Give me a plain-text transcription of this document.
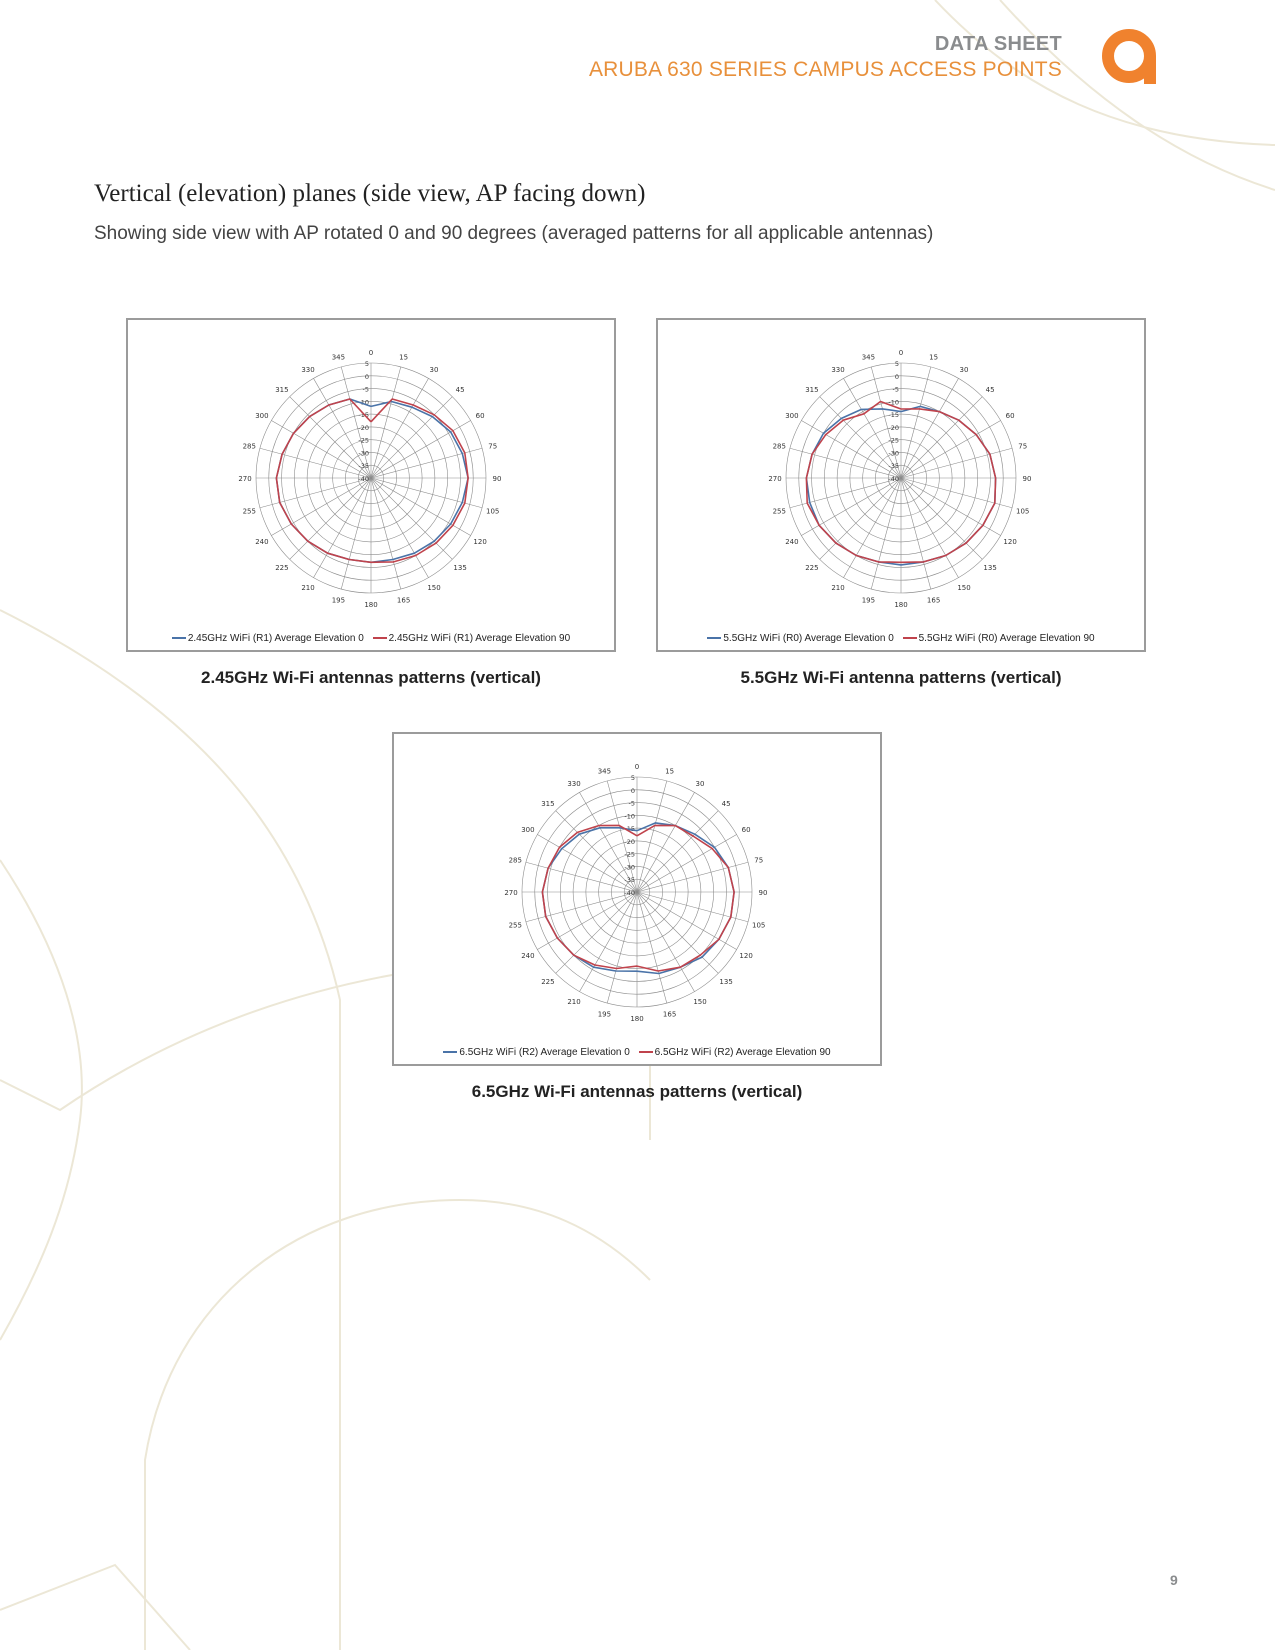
DATA SHEET
ARUBA 630 SERIES CAMPUS ACCESS POINTS
Vertical (elevation) planes (side view, AP facing down)
Showing side view with AP rotated 0 and 90 degrees (averaged patterns for all applicable antennas)
0
15
30
45
60
75
90
105
120
135
150
165
180
195
210
225
240
255
270
285
300
315
330
345
5
0
-5
-10
-15
-20
-25
-30
-35
-40
2.45GHz WiFi (R1) Average Elevation 0 2.45GHz WiFi (R1) Average Elevation 90
2.45GHz Wi-Fi antennas patterns (vertical)
0
15
30
45
60
75
90
105
120
135
150
165
180
195
210
225
240
255
270
285
300
315
330
345
5
0
-5
-10
-15
-20
-25
-30
-35
-40
5.5GHz WiFi (R0) Average Elevation 0 5.5GHz WiFi (R0) Average Elevation 90
5.5GHz Wi-Fi antenna patterns (vertical)
0
15
30
45
60
75
90
105
120
135
150
165
180
195
210
225
240
255
270
285
300
315
330
345
5
0
-5
-10
-15
-20
-25
-30
-35
-40
6.5GHz WiFi (R2) Average Elevation 0 6.5GHz WiFi (R2) Average Elevation 90
6.5GHz Wi-Fi antennas patterns (vertical)
9
